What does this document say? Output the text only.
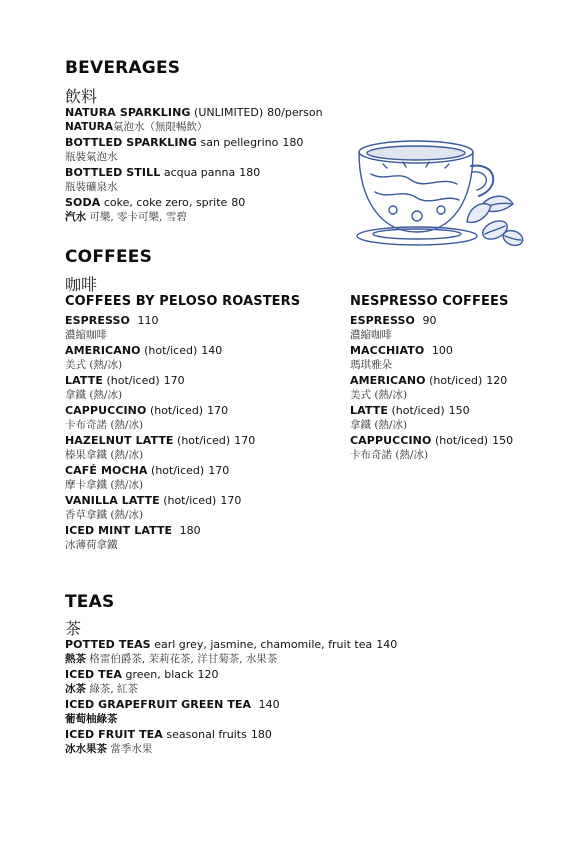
BEVERAGES
飲料
NATURA SPARKLING (UNLIMITED) 80/person
NATURA氣泡水（無限暢飲）
BOTTLED SPARKLING san pellegrino 180
瓶裝氣泡水
BOTTLED STILL acqua panna 180
瓶裝礦泉水
SODA coke, coke zero, sprite 80
汽水 可樂, 零卡可樂, 雪碧
COFFEES
咖啡
COFFEES BY PELOSO ROASTERS
ESPRESSO 110
濃縮咖啡
AMERICANO (hot/iced) 140
美式 (熱/冰)
LATTE (hot/iced) 170
拿鐵 (熱/冰)
CAPPUCCINO (hot/iced) 170
卡布奇諾 (熱/冰)
HAZELNUT LATTE (hot/iced) 170
榛果拿鐵 (熱/冰)
CAFÉ MOCHA (hot/iced) 170
摩卡拿鐵 (熱/冰)
VANILLA LATTE (hot/iced) 170
香草拿鐵 (熱/冰)
ICED MINT LATTE 180
冰薄荷拿鐵
NESPRESSO COFFEES
ESPRESSO 90
濃縮咖啡
MACCHIATO 100
瑪琪雅朵
AMERICANO (hot/iced) 120
美式 (熱/冰)
LATTE (hot/iced) 150
拿鐵 (熱/冰)
CAPPUCCINO (hot/iced) 150
卡布奇諾 (熱/冰)
TEAS
茶
POTTED TEAS earl grey, jasmine, chamomile, fruit tea 140
熱茶 格雷伯爵茶, 茉莉花茶, 洋甘菊茶, 水果茶
ICED TEA green, black 120
冰茶 綠茶, 紅茶
ICED GRAPEFRUIT GREEN TEA 140
葡萄柚綠茶
ICED FRUIT TEA seasonal fruits 180
冰水果茶 當季水果
